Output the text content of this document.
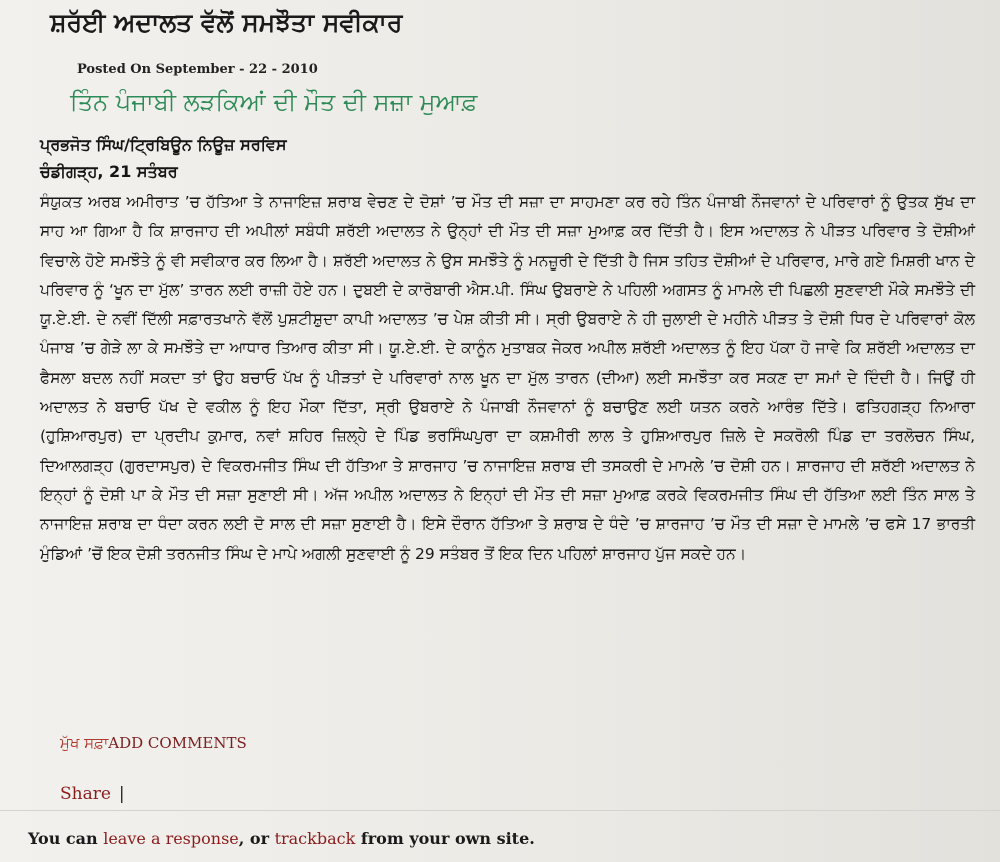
ਸ਼ਰੱਈ ਅਦਾਲਤ ਵੱਲੋਂ ਸਮਝੌਤਾ ਸਵੀਕਾਰ
Posted On September - 22 - 2010
ਤਿੰਨ ਪੰਜਾਬੀ ਲੜਕਿਆਂ ਦੀ ਮੌਤ ਦੀ ਸਜ਼ਾ ਮੁਆਫ਼
ਪ੍ਰਭਜੋਤ ਸਿੰਘ/ਟ੍ਰਿਬਿਊਨ ਨਿਊਜ਼ ਸਰਵਿਸ
ਚੰਡੀਗੜ੍ਹ, 21 ਸਤੰਬਰ

ਸੰਯੁਕਤ ਅਰਬ ਅਮੀਰਾਤ ’ਚ ਹੱਤਿਆ ਤੇ ਨਾਜਾਇਜ਼ ਸ਼ਰਾਬ ਵੇਚਣ ਦੇ ਦੋਸ਼ਾਂ ’ਚ ਮੌਤ ਦੀ ਸਜ਼ਾ ਦਾ ਸਾਹਮਣਾ ਕਰ ਰਹੇ ਤਿੰਨ ਪੰਜਾਬੀ ਨੌਜਵਾਨਾਂ ਦੇ ਪਰਿਵਾਰਾਂ ਨੂੰ ਉਤਕ ਸੁੱਖ ਦਾ ਸਾਹ ਆ ਗਿਆ ਹੈ ਕਿ ਸ਼ਾਰਜਾਹ ਦੀ ਅਪੀਲਾਂ ਸਬੰਧੀ ਸ਼ਰੱਈ ਅਦਾਲਤ ਨੇ ਉਨ੍ਹਾਂ ਦੀ ਮੌਤ ਦੀ ਸਜ਼ਾ ਮੁਆਫ਼ ਕਰ ਦਿੱਤੀ ਹੈ। ਇਸ ਅਦਾਲਤ ਨੇ ਪੀੜਤ ਪਰਿਵਾਰ ਤੇ ਦੋਸ਼ੀਆਂ ਵਿਚਾਲੇ ਹੋਏ ਸਮਝੌਤੇ ਨੂੰ ਵੀ ਸਵੀਕਾਰ ਕਰ ਲਿਆ ਹੈ। ਸ਼ਰੱਈ ਅਦਾਲਤ ਨੇ ਉਸ ਸਮਝੌਤੇ ਨੂੰ ਮਨਜ਼ੂਰੀ ਦੇ ਦਿੱਤੀ ਹੈ ਜਿਸ ਤਹਿਤ ਦੋਸ਼ੀਆਂ ਦੇ ਪਰਿਵਾਰ, ਮਾਰੇ ਗਏ ਮਿਸ਼ਰੀ ਖਾਨ ਦੇ ਪਰਿਵਾਰ ਨੂੰ ‘ਖੂਨ ਦਾ ਮੁੱਲ’ ਤਾਰਨ ਲਈ ਰਾਜ਼ੀ ਹੋਏ ਹਨ। ਦੁਬਈ ਦੇ ਕਾਰੋਬਾਰੀ ਐਸ.ਪੀ. ਸਿੰਘ ਉਬਰਾਏ ਨੇ ਪਹਿਲੀ ਅਗਸਤ ਨੂੰ ਮਾਮਲੇ ਦੀ ਪਿਛਲੀ ਸੁਣਵਾਈ ਮੌਕੇ ਸਮਝੌਤੇ ਦੀ ਯੂ.ਏ.ਈ. ਦੇ ਨਵੀਂ ਦਿੱਲੀ ਸਫ਼ਾਰਤਖਾਨੇ ਵੱਲੋਂ ਪੁਸ਼ਟੀਸ਼ੁਦਾ ਕਾਪੀ ਅਦਾਲਤ ’ਚ ਪੇਸ਼ ਕੀਤੀ ਸੀ। ਸ੍ਰੀ ਉਬਰਾਏ ਨੇ ਹੀ ਜੁਲਾਈ ਦੇ ਮਹੀਨੇ ਪੀੜਤ ਤੇ ਦੋਸ਼ੀ ਧਿਰ ਦੇ ਪਰਿਵਾਰਾਂ ਕੋਲ ਪੰਜਾਬ ’ਚ ਗੇੜੇ ਲਾ ਕੇ ਸਮਝੌਤੇ ਦਾ ਆਧਾਰ ਤਿਆਰ ਕੀਤਾ ਸੀ। ਯੂ.ਏ.ਈ. ਦੇ ਕਾਨੂੰਨ ਮੁਤਾਬਕ ਜੇਕਰ ਅਪੀਲ ਸ਼ਰੱਈ ਅਦਾਲਤ ਨੂੰ ਇਹ ਪੱਕਾ ਹੋ ਜਾਵੇ ਕਿ ਸ਼ਰੱਈ ਅਦਾਲਤ ਦਾ ਫੈਸਲਾ ਬਦਲ ਨਹੀਂ ਸਕਦਾ ਤਾਂ ਉਹ ਬਚਾਓ ਪੱਖ ਨੂੰ ਪੀੜਤਾਂ ਦੇ ਪਰਿਵਾਰਾਂ ਨਾਲ ਖੂਨ ਦਾ ਮੁੱਲ ਤਾਰਨ (ਦੀਆ) ਲਈ ਸਮਝੌਤਾ ਕਰ ਸਕਣ ਦਾ ਸਮਾਂ ਦੇ ਦਿੰਦੀ ਹੈ। ਜਿਉਂ ਹੀ ਅਦਾਲਤ ਨੇ ਬਚਾਓ ਪੱਖ ਦੇ ਵਕੀਲ ਨੂੰ ਇਹ ਮੌਕਾ ਦਿੱਤਾ, ਸ੍ਰੀ ਉਬਰਾਏ ਨੇ ਪੰਜਾਬੀ ਨੌਜਵਾਨਾਂ ਨੂੰ ਬਚਾਉਣ ਲਈ ਯਤਨ ਕਰਨੇ ਆਰੰਭ ਦਿੱਤੇ। ਫਤਿਹਗੜ੍ਹ ਨਿਆਰਾ (ਹੁਸ਼ਿਆਰਪੁਰ) ਦਾ ਪ੍ਰਦੀਪ ਕੁਮਾਰ, ਨਵਾਂ ਸ਼ਹਿਰ ਜ਼ਿਲ੍ਹੇ ਦੇ ਪਿੰਡ ਭਰਸਿੰਘਪੁਰਾ ਦਾ ਕਸ਼ਮੀਰੀ ਲਾਲ ਤੇ ਹੁਸ਼ਿਆਰਪੁਰ ਜ਼ਿਲੇ ਦੇ ਸਕਰੋਲੀ ਪਿੰਡ ਦਾ ਤਰਲੋਚਨ ਸਿੰਘ, ਦਿਆਲਗੜ੍ਹ (ਗੁਰਦਾਸਪੁਰ) ਦੇ ਵਿਕਰਮਜੀਤ ਸਿੰਘ ਦੀ ਹੱਤਿਆ ਤੇ ਸ਼ਾਰਜਾਹ ’ਚ ਨਾਜਾਇਜ਼ ਸ਼ਰਾਬ ਦੀ ਤਸਕਰੀ ਦੇ ਮਾਮਲੇ ’ਚ ਦੋਸ਼ੀ ਹਨ। ਸ਼ਾਰਜਾਹ ਦੀ ਸ਼ਰੱਈ ਅਦਾਲਤ ਨੇ ਇਨ੍ਹਾਂ ਨੂੰ ਦੋਸ਼ੀ ਪਾ ਕੇ ਮੌਤ ਦੀ ਸਜ਼ਾ ਸੁਣਾਈ ਸੀ। ਅੱਜ ਅਪੀਲ ਅਦਾਲਤ ਨੇ ਇਨ੍ਹਾਂ ਦੀ ਮੌਤ ਦੀ ਸਜ਼ਾ ਮੁਆਫ਼ ਕਰਕੇ ਵਿਕਰਮਜੀਤ ਸਿੰਘ ਦੀ ਹੱਤਿਆ ਲਈ ਤਿੰਨ ਸਾਲ ਤੇ ਨਾਜਾਇਜ਼ ਸ਼ਰਾਬ ਦਾ ਧੰਦਾ ਕਰਨ ਲਈ ਦੋ ਸਾਲ ਦੀ ਸਜ਼ਾ ਸੁਣਾਈ ਹੈ। ਇਸੇ ਦੌਰਾਨ ਹੱਤਿਆ ਤੇ ਸ਼ਰਾਬ ਦੇ ਧੰਦੇ ’ਚ ਸ਼ਾਰਜਾਹ ’ਚ ਮੌਤ ਦੀ ਸਜ਼ਾ ਦੇ ਮਾਮਲੇ ’ਚ ਫਸੇ 17 ਭਾਰਤੀ ਮੁੰਡਿਆਂ ’ਚੋਂ ਇਕ ਦੋਸ਼ੀ ਤਰਨਜੀਤ ਸਿੰਘ ਦੇ ਮਾਪੇ ਅਗਲੀ ਸੁਣਵਾਈ ਨੂੰ 29 ਸਤੰਬਰ ਤੋਂ ਇਕ ਦਿਨ ਪਹਿਲਾਂ ਸ਼ਾਰਜਾਹ ਪੁੱਜ ਸਕਦੇ ਹਨ।

ਮੁੱਖ ਸਫ਼ਾADD COMMENTS
Share |
You can leave a response, or trackback from your own site.
